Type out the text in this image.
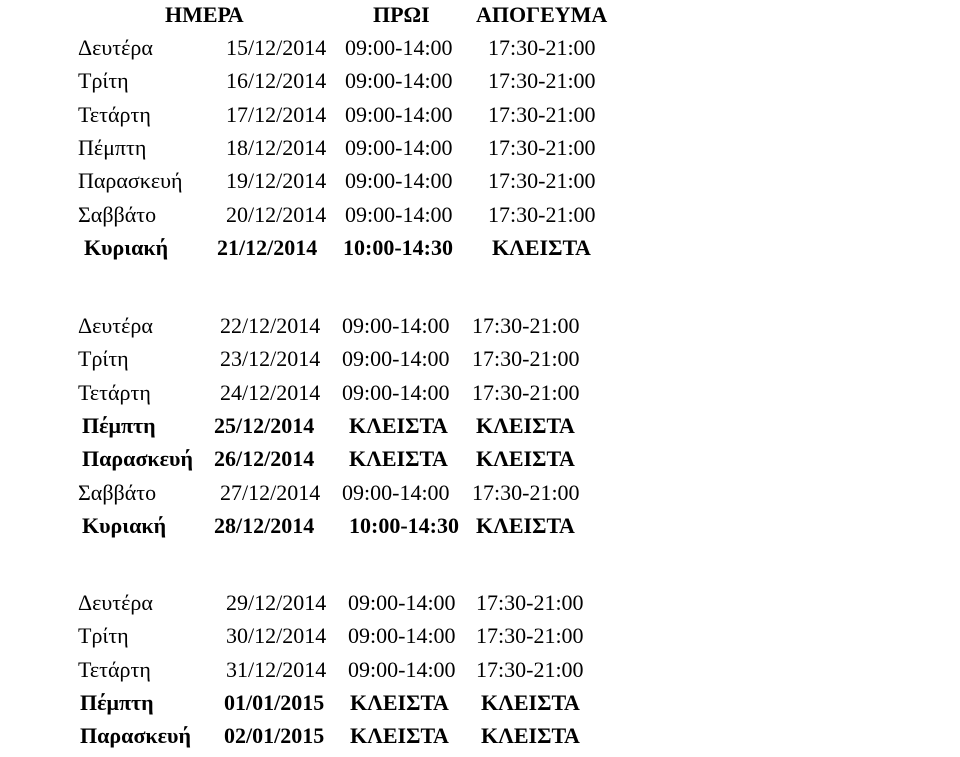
ΗΜΕΡΑ	ΠΡΩΙ ΑΠΟΓΕΥΜΑ
Δευτέρα	15/12/2014 09:00-14:00 17:30-21:00
Τρίτη	16/12/2014 09:00-14:00 17:30-21:00
Τετάρτη	17/12/2014 09:00-14:00 17:30-21:00
Πέμπτη	18/12/2014 09:00-14:00 17:30-21:00
Παρασκευή 19/12/2014 09:00-14:00 17:30-21:00
Σαββάτο	20/12/2014 09:00-14:00 17:30-21:00
Κυριακή 21/12/2014 10:00-14:30 ΚΛΕΙΣΤΑ
Δευτέρα	22/12/2014 09:00-14:00 17:30-21:00
Τρίτη	23/12/2014 09:00-14:00 17:30-21:00
Τετάρτη	24/12/2014 09:00-14:00 17:30-21:00
Πέμπτη	25/12/2014 ΚΛΕΙΣΤΑ ΚΛΕΙΣΤΑ
Παρασκευή 26/12/2014 ΚΛΕΙΣΤΑ ΚΛΕΙΣΤΑ
Σαββάτο	27/12/2014 09:00-14:00 17:30-21:00
Κυριακή 28/12/2014 10:00-14:30 ΚΛΕΙΣΤΑ
Δευτέρα	29/12/2014 09:00-14:00 17:30-21:00
Τρίτη	30/12/2014 09:00-14:00 17:30-21:00
Τετάρτη	31/12/2014 09:00-14:00 17:30-21:00
Πέμπτη	01/01/2015 ΚΛΕΙΣΤΑ ΚΛΕΙΣΤΑ
Παρασκευή 02/01/2015 ΚΛΕΙΣΤΑ ΚΛΕΙΣΤΑ
